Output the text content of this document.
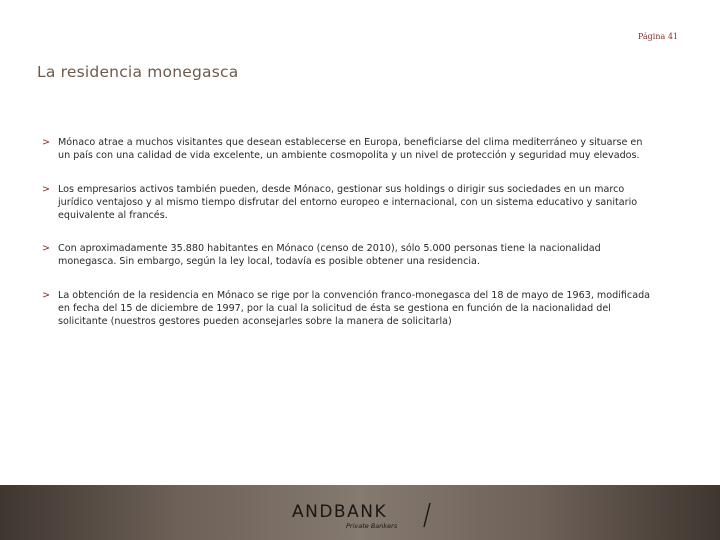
Página 41
La residencia monegasca
> Mónaco atrae a muchos visitantes que desean establecerse en Europa, beneficiarse del clima mediterráneo y situarse en un país con una calidad de vida excelente, un ambiente cosmopolita y un nivel de protección y seguridad muy elevados.
> Los empresarios activos también pueden, desde Mónaco, gestionar sus holdings o dirigir sus sociedades en un marco jurídico ventajoso y al mismo tiempo disfrutar del entorno europeo e internacional, con un sistema educativo y sanitario equivalente al francés.
> Con aproximadamente 35.880 habitantes en Mónaco (censo de 2010), sólo 5.000 personas tiene la nacionalidad monegasca. Sin embargo, según la ley local, todavía es posible obtener una residencia.
> La obtención de la residencia en Mónaco se rige por la convención franco-monegasca del 18 de mayo de 1963, modificada en fecha del 15 de diciembre de 1997, por la cual la solicitud de ésta se gestiona en función de la nacionalidad del solicitante (nuestros gestores pueden aconsejarles sobre la manera de solicitarla)
ANDBANK
Private Bankers
